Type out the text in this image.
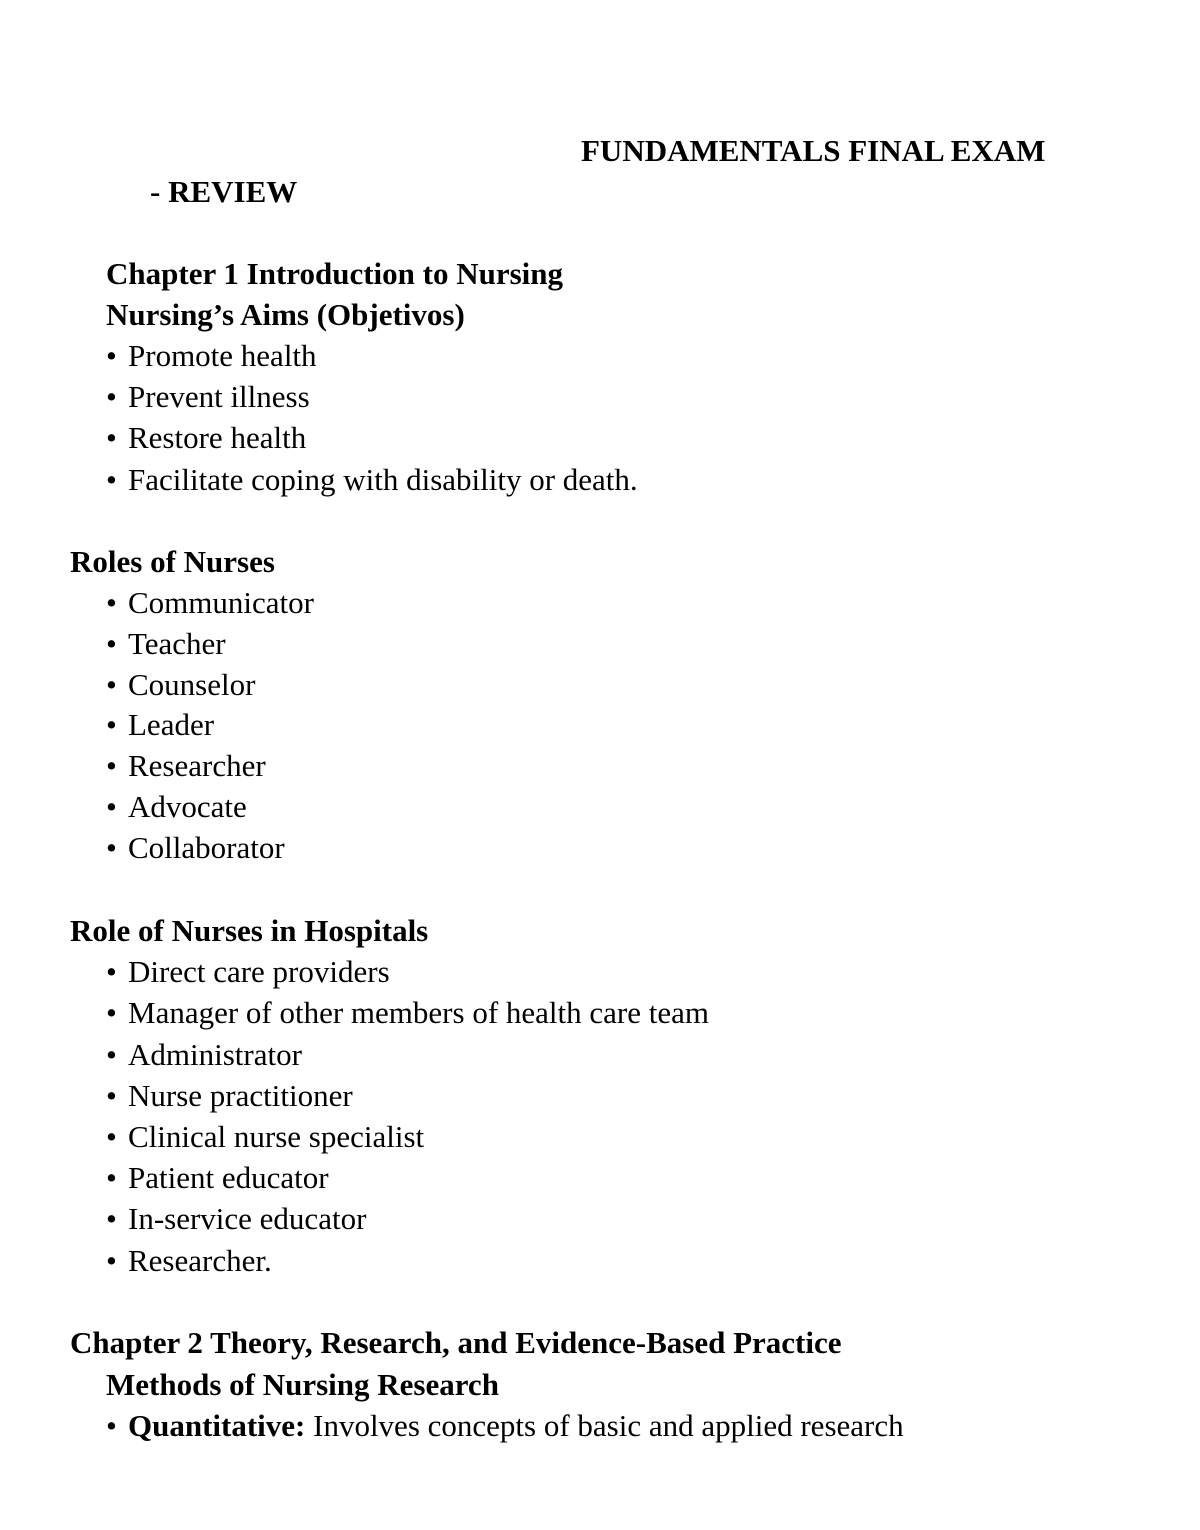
FUNDAMENTALS FINAL EXAM
- REVIEW
Chapter 1 Introduction to Nursing
Nursing’s Aims (Objetivos)
• Promote health
• Prevent illness
• Restore health
• Facilitate coping with disability or death.
Roles of Nurses
• Communicator
• Teacher
• Counselor
• Leader
• Researcher
• Advocate
• Collaborator
Role of Nurses in Hospitals
• Direct care providers
• Manager of other members of health care team
• Administrator
• Nurse practitioner
• Clinical nurse specialist
• Patient educator
• In-service educator
• Researcher.
Chapter 2 Theory, Research, and Evidence-Based Practice
Methods of Nursing Research
• Quantitative: Involves concepts of basic and applied research
